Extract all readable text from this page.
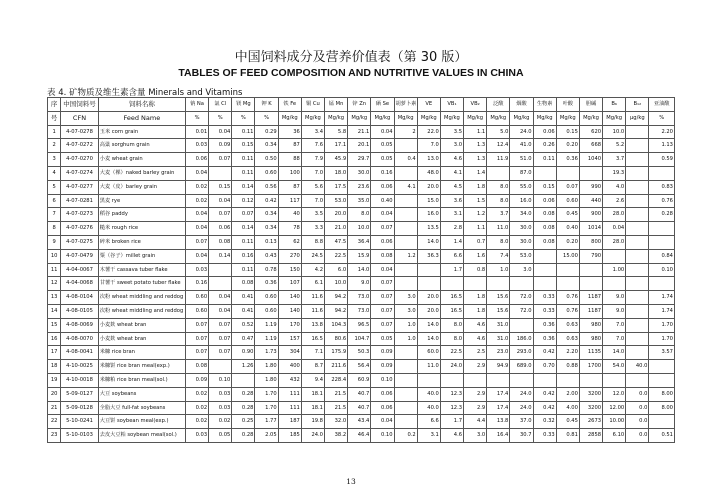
中国饲料成分及营养价值表（第 30 版）
TABLES OF FEED COMPOSITION AND NUTRITIVE VALUES IN CHINA
表 4. 矿物质及维生素含量 Minerals and Vitamins
序	中国饲料号	饲料名称	钠 Na	氯 Cl	镁 Mg	钾 K	铁 Fe	铜 Cu	锰 Mn	锌 Zn	硒 Se	胡萝卜素	VE	VB₁	VB₂	泛酸	烟酸	生物素	叶酸	胆碱	B₆	B₁₂	亚油酸
号	CFN	Feed Name	%	%	%	%	Mg/kg	Mg/kg	Mg/kg	Mg/kg	Mg/kg	Mg/kg	Mg/kg	Mg/kg	Mg/kg	Mg/kg	Mg/kg	Mg/kg	Mg/kg	Mg/kg	Mg/kg	μg/kg	%
1	4-07-0278	玉米 corn grain	0.01	0.04	0.11	0.29	36	3.4	5.8	21.1	0.04	2	22.0	3.5	1.1	5.0	24.0	0.06	0.15	620	10.0		2.20
2	4-07-0272	高粱 sorghum grain	0.03	0.09	0.15	0.34	87	7.6	17.1	20.1	0.05		7.0	3.0	1.3	12.4	41.0	0.26	0.20	668	5.2		1.13
3	4-07-0270	小麦 wheat grain	0.06	0.07	0.11	0.50	88	7.9	45.9	29.7	0.05	0.4	13.0	4.6	1.3	11.9	51.0	0.11	0.36	1040	3.7		0.59
4	4-07-0274	大麦（裸）naked barley grain	0.04		0.11	0.60	100	7.0	18.0	30.0	0.16		48.0	4.1	1.4		87.0				19.3		
5	4-07-0277	大麦（皮）barley grain	0.02	0.15	0.14	0.56	87	5.6	17.5	23.6	0.06	4.1	20.0	4.5	1.8	8.0	55.0	0.15	0.07	990	4.0		0.83
6	4-07-0281	黑麦 rye	0.02	0.04	0.12	0.42	117	7.0	53.0	35.0	0.40		15.0	3.6	1.5	8.0	16.0	0.06	0.60	440	2.6		0.76
7	4-07-0273	稻谷 paddy	0.04	0.07	0.07	0.34	40	3.5	20.0	8.0	0.04		16.0	3.1	1.2	3.7	34.0	0.08	0.45	900	28.0		0.28
8	4-07-0276	糙米 rough rice	0.04	0.06	0.14	0.34	78	3.3	21.0	10.0	0.07		13.5	2.8	1.1	11.0	30.0	0.08	0.40	1014	0.04		
9	4-07-0275	碎米 broken rice	0.07	0.08	0.11	0.13	62	8.8	47.5	36.4	0.06		14.0	1.4	0.7	8.0	30.0	0.08	0.20	800	28.0		
10	4-07-0479	粟（谷子）millet grain	0.04	0.14	0.16	0.43	270	24.5	22.5	15.9	0.08	1.2	36.3	6.6	1.6	7.4	53.0		15.00	790			0.84
11	4-04-0067	木薯干 cassava tuber flake	0.03		0.11	0.78	150	4.2	6.0	14.0	0.04			1.7	0.8	1.0	3.0				1.00		0.10
12	4-04-0068	甘薯干 sweet potato tuber flake	0.16		0.08	0.36	107	6.1	10.0	9.0	0.07												
13	4-08-0104	次粉 wheat middling and reddog	0.60	0.04	0.41	0.60	140	11.6	94.2	73.0	0.07	3.0	20.0	16.5	1.8	15.6	72.0	0.33	0.76	1187	9.0		1.74
14	4-08-0105	次粉 wheat middling and reddog	0.60	0.04	0.41	0.60	140	11.6	94.2	73.0	0.07	3.0	20.0	16.5	1.8	15.6	72.0	0.33	0.76	1187	9.0		1.74
15	4-08-0069	小麦麸 wheat bran	0.07	0.07	0.52	1.19	170	13.8	104.3	96.5	0.07	1.0	14.0	8.0	4.6	31.0		0.36	0.63	980	7.0		1.70
16	4-08-0070	小麦麸 wheat bran	0.07	0.07	0.47	1.19	157	16.5	80.6	104.7	0.05	1.0	14.0	8.0	4.6	31.0	186.0	0.36	0.63	980	7.0		1.70
17	4-08-0041	米糠 rice bran	0.07	0.07	0.90	1.73	304	7.1	175.9	50.3	0.09		60.0	22.5	2.5	23.0	293.0	0.42	2.20	1135	14.0		3.57
18	4-10-0025	米糠饼 rice bran meal(exp.)	0.08		1.26	1.80	400	8.7	211.6	56.4	0.09		11.0	24.0	2.9	94.9	689.0	0.70	0.88	1700	54.0	40.0	
19	4-10-0018	米糠粕 rice bran meal(sol.)	0.09	0.10		1.80	432	9.4	228.4	60.9	0.10												
20	5-09-0127	大豆 soybeans	0.02	0.03	0.28	1.70	111	18.1	21.5	40.7	0.06		40.0	12.3	2.9	17.4	24.0	0.42	2.00	3200	12.0	0.0	8.00
21	5-09-0128	全脂大豆 full-fat soybeans	0.02	0.03	0.28	1.70	111	18.1	21.5	40.7	0.06		40.0	12.3	2.9	17.4	24.0	0.42	4.00	3200	12.00	0.0	8.00
22	5-10-0241	大豆饼 soybean meal(exp.)	0.02	0.02	0.25	1.77	187	19.8	32.0	43.4	0.04		6.6	1.7	4.4	13.8	37.0	0.32	0.45	2673	10.00	0.0	
23	5-10-0103	去皮大豆粕 soybean meal(sol.)	0.03	0.05	0.28	2.05	185	24.0	38.2	46.4	0.10	0.2	3.1	4.6	3.0	16.4	30.7	0.33	0.81	2858	6.10	0.0	0.51
13
